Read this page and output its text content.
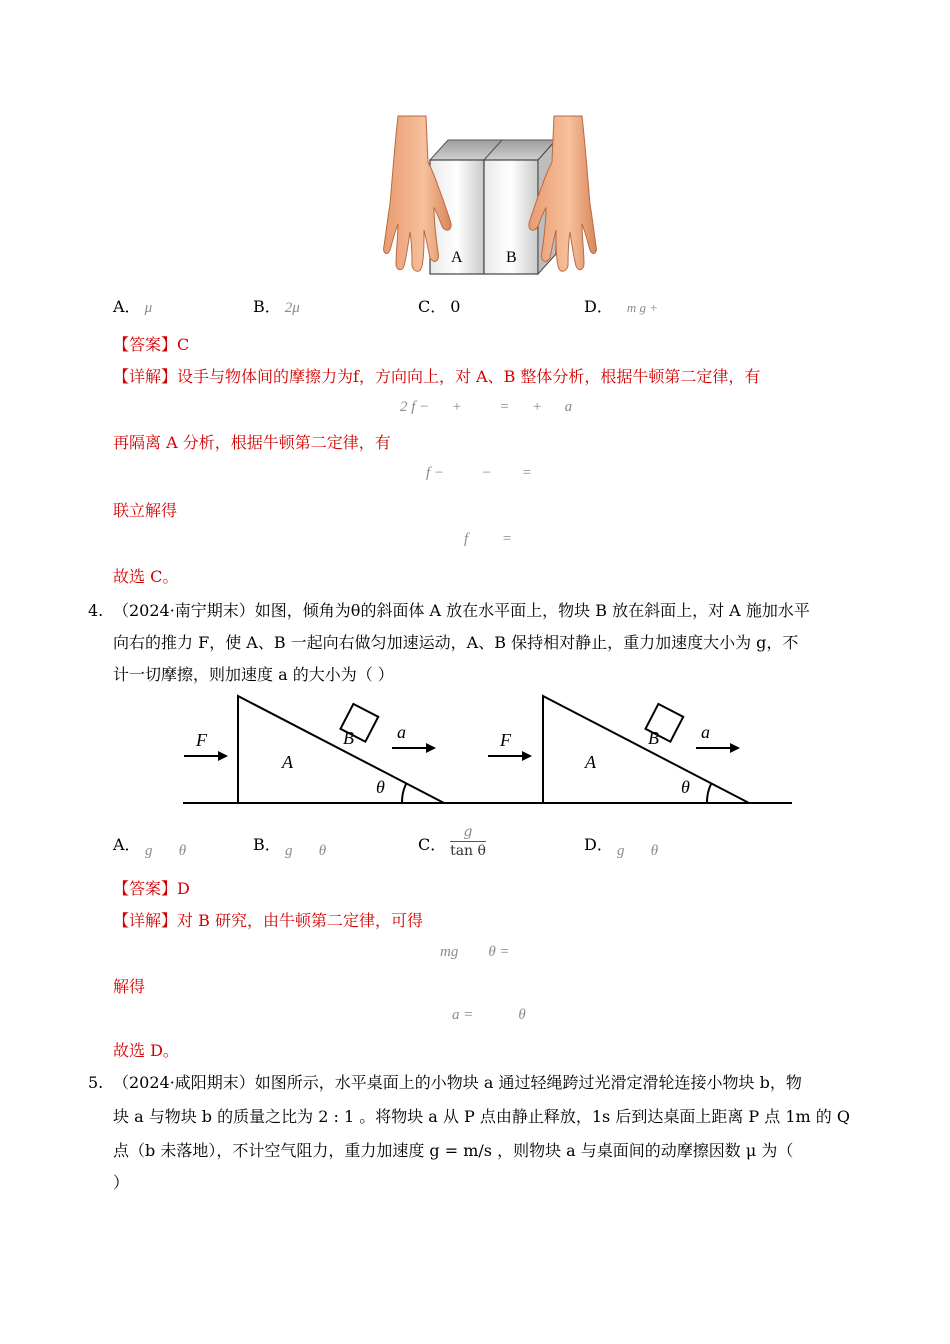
A	B
A． μ	B． 2μ	C． 0	D． m g +
【答案】C
【详解】设手与物体间的摩擦力为f，方向向上，对 A、B 整体分析，根据牛顿第二定律，有
2 f −      +          =      +      a
再隔离 A 分析，根据牛顿第二定律，有
f −          −        =
联立解得
f         =
故选 C。
4. （2024·南宁期末）如图，倾角为θ的斜面体 A 放在水平面上，物块 B 放在斜面上，对 A 施加水平
向右的推力 F，使 A、B 一起向右做匀加速运动，A、B 保持相对静止，重力加速度大小为 g，不
计一切摩擦，则加速度 a 的大小为（ ）
F
A
B a
θ
F
A
B a
θ
A． g       θ	B． g       θ	C．
g
tan θ	D． g       θ
【答案】D
【详解】对 B 研究，由牛顿第二定律，可得
mg        θ =
解得
a =            θ
故选 D。
5. （2024·咸阳期末）如图所示，水平桌面上的小物块 a 通过轻绳跨过光滑定滑轮连接小物块 b，物
块 a 与物块 b 的质量之比为 2 : 1 。将物块 a 从 P 点由静止释放，1s 后到达桌面上距离 P 点 1m 的 Q
点（b 未落地），不计空气阻力，重力加速度 g = m/s ，则物块 a 与桌面间的动摩擦因数 μ 为（
）
